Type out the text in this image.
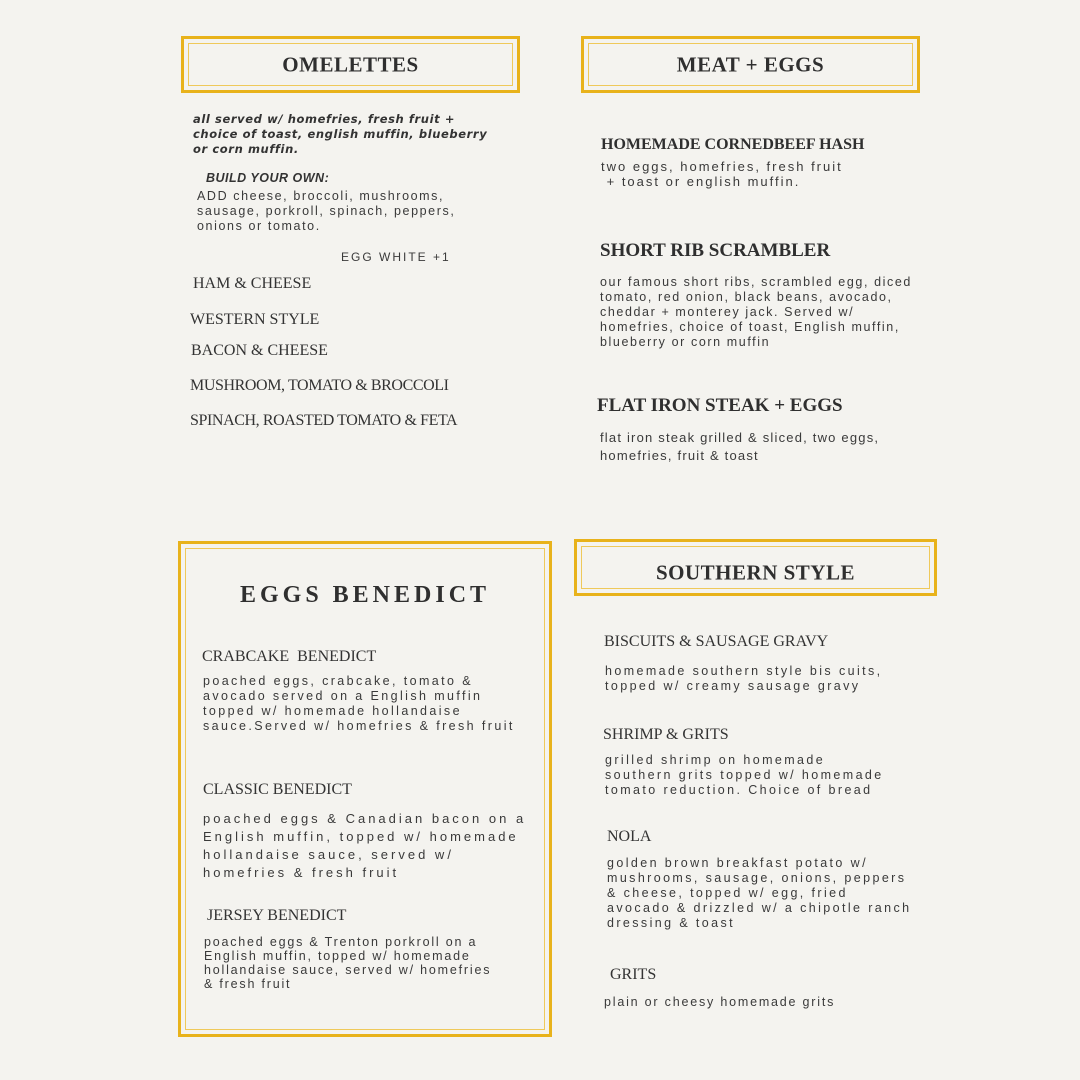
OMELETTES
all served w/ homefries, fresh fruit + choice of toast, english muffin, blueberry or corn muffin.
BUILD YOUR OWN:
ADD cheese, broccoli, mushrooms, sausage, porkroll, spinach, peppers, onions or tomato.
EGG WHITE +1
HAM & CHEESE
WESTERN STYLE
BACON & CHEESE
MUSHROOM, TOMATO & BROCCOLI
SPINACH, ROASTED TOMATO & FETA
MEAT + EGGS
HOMEMADE CORNEDBEEF HASH
two eggs, homefries, fresh fruit
+ toast or english muffin.
SHORT RIB SCRAMBLER
our famous short ribs, scrambled egg, diced tomato, red onion, black beans, avocado, cheddar + monterey jack. Served w/ homefries, choice of toast, English muffin, blueberry or corn muffin
FLAT IRON STEAK + EGGS
flat iron steak grilled & sliced, two eggs, homefries, fruit & toast
EGGS BENEDICT
CRABCAKE  BENEDICT
poached eggs, crabcake, tomato & avocado served on a English muffin topped w/ homemade hollandaise sauce.Served w/ homefries & fresh fruit
CLASSIC BENEDICT
poached eggs & Canadian bacon on a English muffin, topped w/ homemade hollandaise sauce, served w/ homefries & fresh fruit
JERSEY BENEDICT
poached eggs & Trenton porkroll on a English muffin, topped w/ homemade hollandaise sauce, served w/ homefries & fresh fruit
SOUTHERN STYLE
BISCUITS & SAUSAGE GRAVY
homemade southern style bis cuits, topped w/ creamy sausage gravy
SHRIMP & GRITS
grilled shrimp on homemade southern grits topped w/ homemade tomato reduction. Choice of bread
NOLA
golden brown breakfast potato w/ mushrooms, sausage, onions, peppers & cheese, topped w/ egg, fried avocado & drizzled w/ a chipotle ranch dressing & toast
GRITS
plain or cheesy homemade grits
